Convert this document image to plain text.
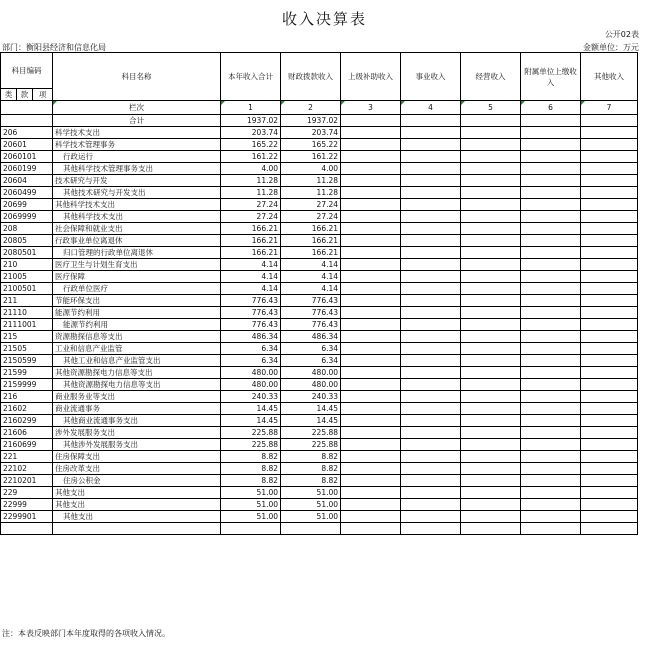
收入决算表
公开02表
部门：衡阳县经济和信息化局	金额单位：万元
科目编码			科目名称	本年收入合计	财政拨款收入	上级补助收入	事业收入	经营收入	附属单位上缴收入	其他收入
类	款	项								
			栏次	1	2	3	4	5	6	7
			合计	1937.02	1937.02					
206			科学技术支出	203.74	203.74					
20601			科学技术管理事务	165.22	165.22					
2060101			行政运行	161.22	161.22					
2060199			其他科学技术管理事务支出	4.00	4.00					
20604			技术研究与开发	11.28	11.28					
2060499			其他技术研究与开发支出	11.28	11.28					
20699			其他科学技术支出	27.24	27.24					
2069999			其他科学技术支出	27.24	27.24					
208			社会保障和就业支出	166.21	166.21					
20805			行政事业单位离退休	166.21	166.21					
2080501			归口管理的行政单位离退休	166.21	166.21					
210			医疗卫生与计划生育支出	4.14	4.14					
21005			医疗保障	4.14	4.14					
2100501			行政单位医疗	4.14	4.14					
211			节能环保支出	776.43	776.43					
21110			能源节约利用	776.43	776.43					
2111001			能源节约利用	776.43	776.43					
215			资源勘探信息等支出	486.34	486.34					
21505			工业和信息产业监管	6.34	6.34					
2150599			其他工业和信息产业监管支出	6.34	6.34					
21599			其他资源勘探电力信息等支出	480.00	480.00					
2159999			其他资源勘探电力信息等支出	480.00	480.00					
216			商业服务业等支出	240.33	240.33					
21602			商业流通事务	14.45	14.45					
2160299			其他商业流通事务支出	14.45	14.45					
21606			涉外发展服务支出	225.88	225.88					
2160699			其他涉外发展服务支出	225.88	225.88					
221			住房保障支出	8.82	8.82					
22102			住房改革支出	8.82	8.82					
2210201			住房公积金	8.82	8.82					
229			其他支出	51.00	51.00					
22999			其他支出	51.00	51.00					
2299901			其他支出	51.00	51.00					

注：本表反映部门本年度取得的各项收入情况。
